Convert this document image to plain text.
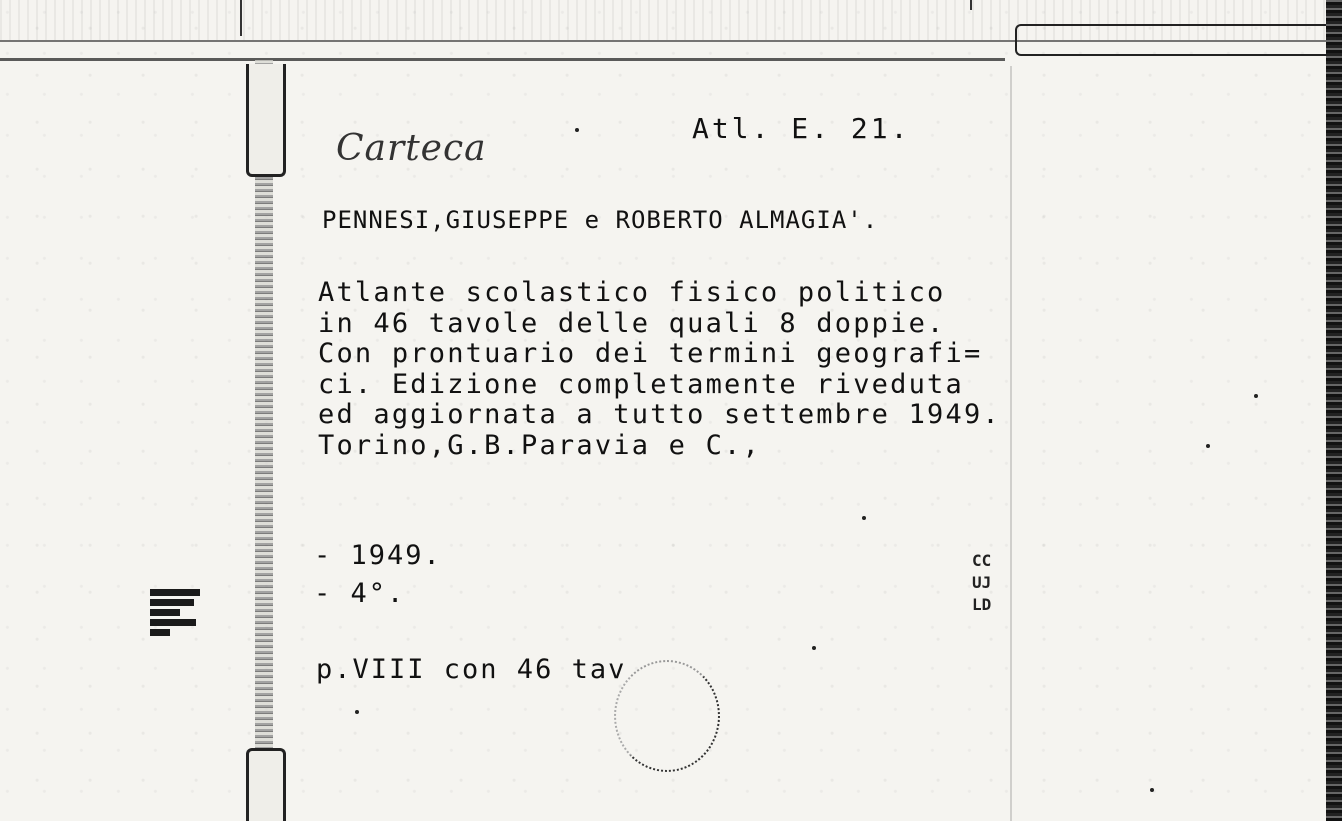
Carteca	Atl. E. 21.
PENNESI,GIUSEPPE e ROBERTO ALMAGIA'.
Atlante scolastico fisico politico
in 46 tavole delle quali 8 doppie.
Con prontuario dei termini geografi=
ci. Edizione completamente riveduta
ed aggiornata a tutto settembre 1949.
Torino,G.B.Paravia e C.,
- 1949.
- 4°.
p.VIII con 46 tav
CC
UJ
LD
